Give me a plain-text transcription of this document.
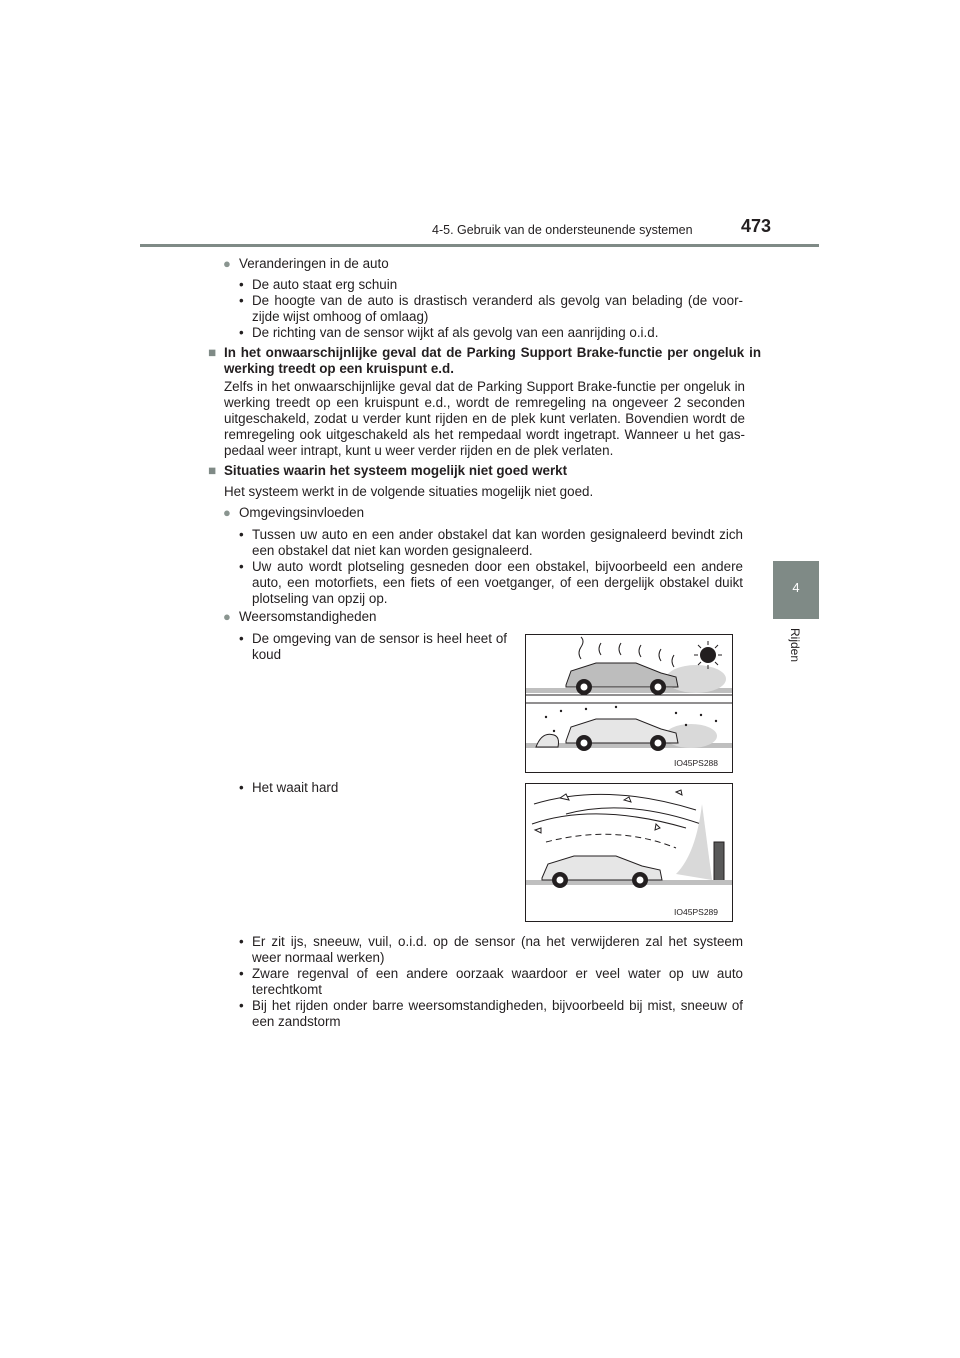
4-5. Gebruik van de ondersteunende systemen	473
4
Rijden
● Veranderingen in de auto
• De auto staat erg schuin
• De hoogte van de auto is drastisch veranderd als gevolg van belading (de voor-zijde wijst omhoog of omlaag)
• De richting van de sensor wijkt af als gevolg van een aanrijding o.i.d.
■ In het onwaarschijnlijke geval dat de Parking Support Brake-functie per ongeluk in werking treedt op een kruispunt e.d.

Zelfs in het onwaarschijnlijke geval dat de Parking Support Brake-functie per ongeluk in werking treedt op een kruispunt e.d., wordt de remregeling na ongeveer 2 seconden uitgeschakeld, zodat u verder kunt rijden en de plek kunt verlaten. Bovendien wordt de remregeling ook uitgeschakeld als het rempedaal wordt ingetrapt. Wanneer u het gas-pedaal weer intrapt, kunt u weer verder rijden en de plek verlaten.

■ Situaties waarin het systeem mogelijk niet goed werkt

Het systeem werkt in de volgende situaties mogelijk niet goed.

● Omgevingsinvloeden
• Tussen uw auto en een ander obstakel dat kan worden gesignaleerd bevindt zich een obstakel dat niet kan worden gesignaleerd.
• Uw auto wordt plotseling gesneden door een obstakel, bijvoorbeeld een andere auto, een motorfiets, een fiets of een voetganger, of een dergelijk obstakel duikt plotseling van opzij op.
● Weersomstandigheden
• De omgeving van de sensor is heel heet of koud
• Het waait hard
IO45PS288
IO45PS289
• Er zit ijs, sneeuw, vuil, o.i.d. op de sensor (na het verwijderen zal het systeem weer normaal werken)
• Zware regenval of een andere oorzaak waardoor er veel water op uw auto terechtkomt
• Bij het rijden onder barre weersomstandigheden, bijvoorbeeld bij mist, sneeuw of een zandstorm
